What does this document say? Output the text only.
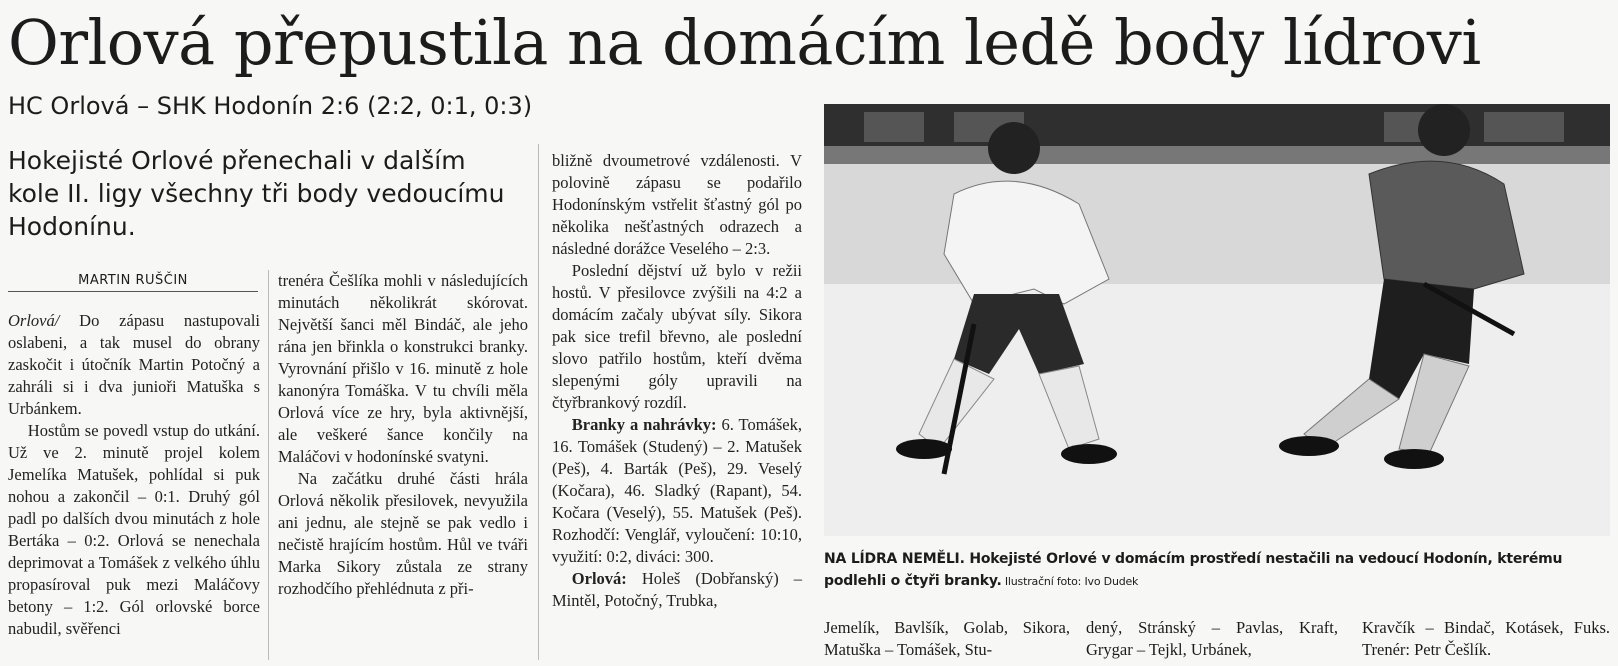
Orlová přepustila na domácím ledě body lídrovi
HC Orlová – SHK Hodonín 2:6 (2:2, 0:1, 0:3)
Hokejisté Orlové přenechali v dalším kole II. ligy všechny tři body vedoucímu Hodonínu.
MARTIN RUŠČIN

Orlová/ Do zápasu nastupovali oslabeni, a tak musel do obrany zaskočit i útočník Martin Potočný a zahráli si i dva junioři Matuška s Urbánkem.

Hostům se povedl vstup do utkání. Už ve 2. minutě projel kolem Jemelíka Matušek, pohlídal si puk nohou a zakončil – 0:1. Druhý gól padl po dalších dvou minutách z hole Bertáka – 0:2. Orlová se nenechala deprimovat a Tomášek z velkého úhlu propasíroval puk mezi Maláčovy betony – 1:2. Gól orlovské borce nabudil, svěřenci

trenéra Češlíka mohli v následujících minutách několikrát skórovat. Největší šanci měl Bindáč, ale jeho rána jen břinkla o konstrukci branky. Vyrovnání přišlo v 16. minutě z hole kanonýra Tomáška. V tu chvíli měla Orlová více ze hry, byla aktivnější, ale veškeré šance končily na Maláčovi v hodonínské svatyni.

Na začátku druhé části hrála Orlová několik přesilovek, nevyužila ani jednu, ale stejně se pak vedlo i nečistě hrajícím hostům. Hůl ve tváři Marka Sikory zůstala ze strany rozhodčího přehlédnuta z při-

bližně dvoumetrové vzdálenosti. V polovině zápasu se podařilo Hodonínským vstřelit šťastný gól po několika nešťastných odrazech a následné dorážce Veselého – 2:3.

Poslední dějství už bylo v režii hostů. V přesilovce zvýšili na 4:2 a domácím začaly ubývat síly. Sikora pak sice trefil břevno, ale poslední slovo patřilo hostům, kteří dvěma slepenými góly upravili na čtyřbrankový rozdíl.

Branky a nahrávky: 6. Tomášek, 16. Tomášek (Studený) – 2. Matušek (Peš), 4. Barták (Peš), 29. Veselý (Kočara), 46. Sladký (Rapant), 54. Kočara (Veselý), 55. Matušek (Peš). Rozhodčí: Venglář, vyloučení: 10:10, využití: 0:2, diváci: 300.

Orlová: Holeš (Dobřanský) – Mintěl, Potočný, Trubka,

NA LÍDRA NEMĚLI. Hokejisté Orlové v domácím prostředí nestačili na vedoucí Hodonín, kterému podlehli o čtyři branky. Ilustrační foto: Ivo Dudek
Jemelík, Bavlšík, Golab, Sikora, Matuška – Tomášek, Stu-
dený, Stránský – Pavlas, Kraft, Grygar – Tejkl, Urbánek,
Kravčík – Bindač, Kotásek, Fuks. Trenér: Petr Češlík.
